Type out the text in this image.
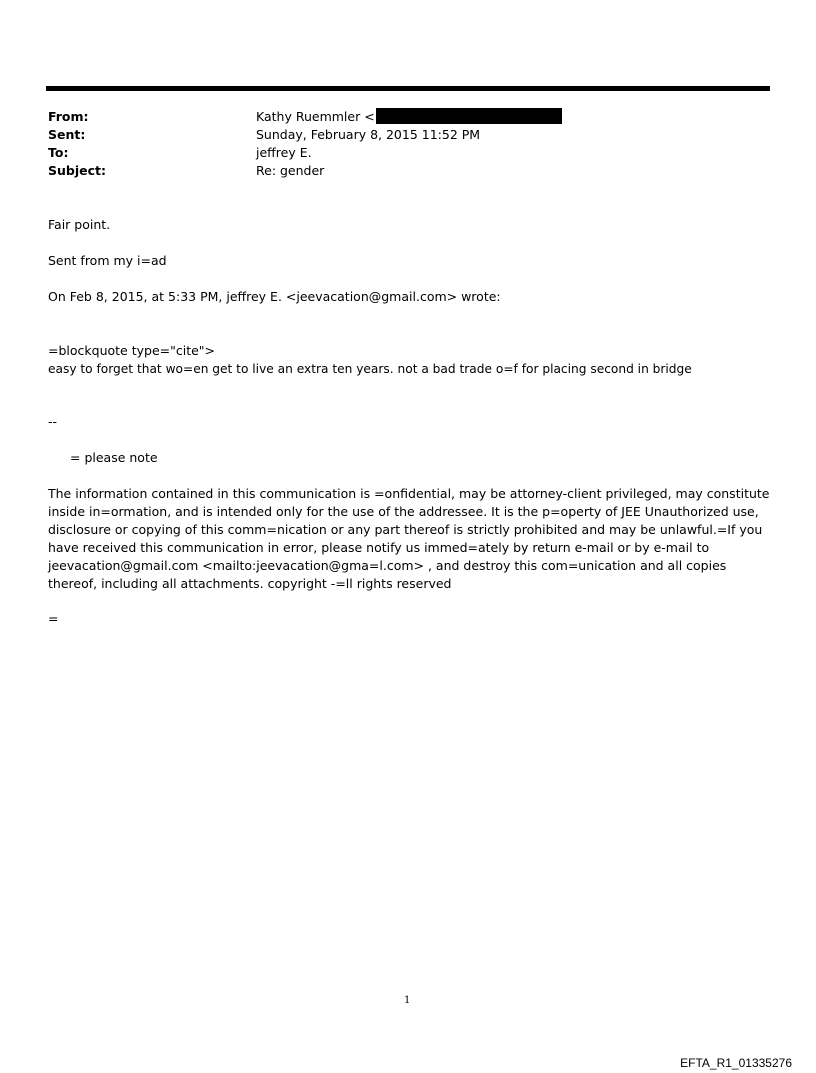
From:	Kathy Ruemmler <
Sent:	Sunday, February 8, 2015 11:52 PM
To:	jeffrey E.
Subject:	Re: gender
Fair point.
Sent from my i=ad
On Feb 8, 2015, at 5:33 PM, jeffrey E. <jeevacation@gmail.com> wrote:
=blockquote type="cite">
easy to forget that wo=en get to live an extra ten years. not a bad trade o=f for placing second in bridge
--
= please note
The information contained in this communication is =onfidential, may be attorney-client privileged, may constitute inside in=ormation, and is intended only for the use of the addressee. It is the p=operty of JEE Unauthorized use, disclosure or copying of this comm=nication or any part thereof is strictly prohibited and may be unlawful.=If you have received this communication in error, please notify us immed=ately by return e-mail or by e-mail to jeevacation@gmail.com <mailto:jeevacation@gma=l.com> , and destroy this com=unication and all copies thereof, including all attachments. copyright -=ll rights reserved
=
1
EFTA_R1_01335276
